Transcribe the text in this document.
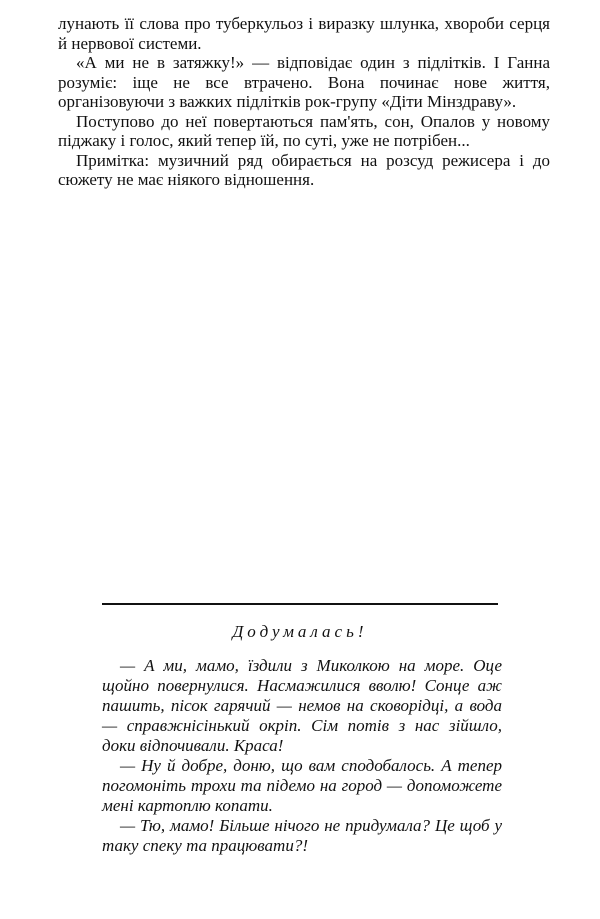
лунають її слова про туберкульоз і виразку шлунка, хвороби серця й нервової системи.

«А ми не в затяжку!» — відповідає один з підлітків. І Ганна розуміє: іще не все втрачено. Вона починає нове життя, організовуючи з важких підлітків рок-групу «Діти Мінздраву».

Поступово до неї повертаються пам'ять, сон, Опалов у новому піджаку і голос, який тепер їй, по суті, уже не потрібен...

Примітка: музичний ряд обирається на розсуд режисера і до сюжету не має ніякого відношення.

Додумалась!

— А ми, мамо, їздили з Миколкою на море. Оце щойно повернулися. Насмажилися вволю! Сонце аж пашить, пісок гарячий — немов на сковорідці, а вода — справжнісінький окріп. Сім потів з нас зійшло, доки відпочивали. Краса!

— Ну й добре, доню, що вам сподобалось. А тепер погомоніть трохи та підемо на город — допоможете мені картоплю копати.

— Тю, мамо! Більше нічого не придумала? Це щоб у таку спеку та працювати?!
